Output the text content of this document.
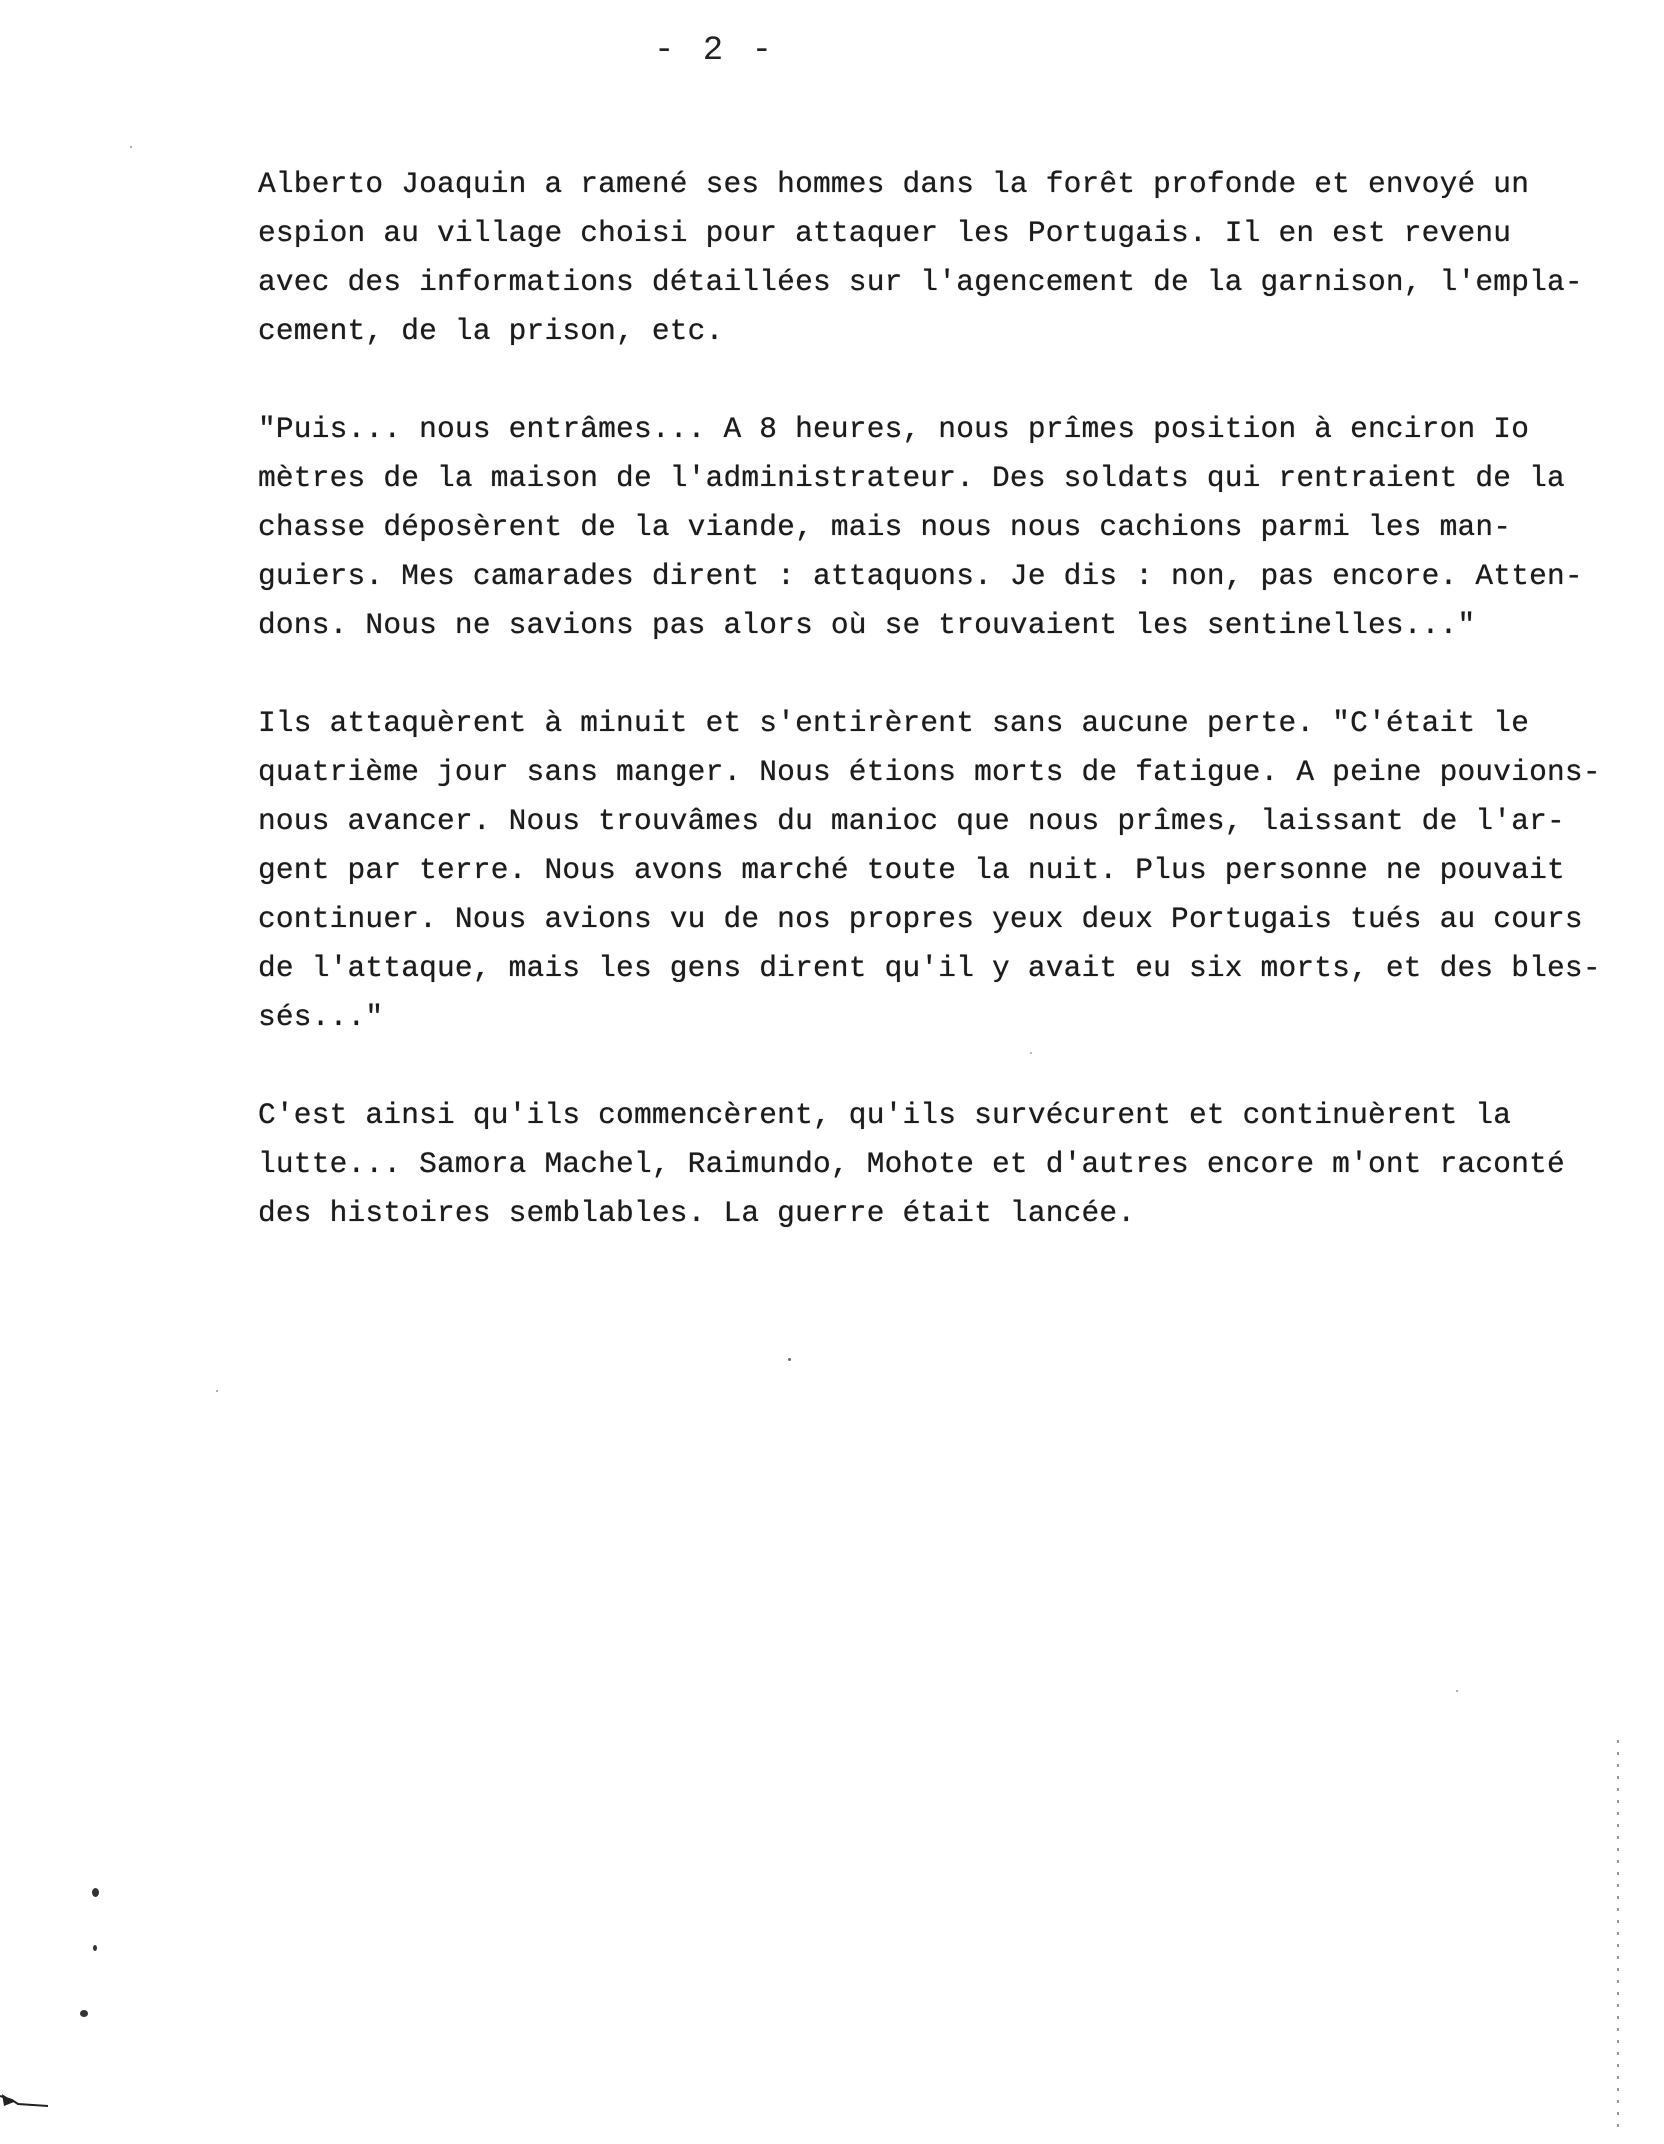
- 2 -
Alberto Joaquin a ramené ses hommes dans la forêt profonde et envoyé un
espion au village choisi pour attaquer les Portugais. Il en est revenu
avec des informations détaillées sur l'agencement de la garnison, l'empla-
cement, de la prison, etc.
"Puis... nous entrâmes... A 8 heures, nous prîmes position à enciron Io
mètres de la maison de l'administrateur. Des soldats qui rentraient de la
chasse déposèrent de la viande, mais nous nous cachions parmi les man-
guiers. Mes camarades dirent : attaquons. Je dis : non, pas encore. Atten-
dons. Nous ne savions pas alors où se trouvaient les sentinelles..."
Ils attaquèrent à minuit et s'entirèrent sans aucune perte. "C'était le
quatrième jour sans manger. Nous étions morts de fatigue. A peine pouvions-
nous avancer. Nous trouvâmes du manioc que nous prîmes, laissant de l'ar-
gent par terre. Nous avons marché toute la nuit. Plus personne ne pouvait
continuer. Nous avions vu de nos propres yeux deux Portugais tués au cours
de l'attaque, mais les gens dirent qu'il y avait eu six morts, et des bles-
sés..."
C'est ainsi qu'ils commencèrent, qu'ils survécurent et continuèrent la
lutte... Samora Machel, Raimundo, Mohote et d'autres encore m'ont raconté
des histoires semblables. La guerre était lancée.
